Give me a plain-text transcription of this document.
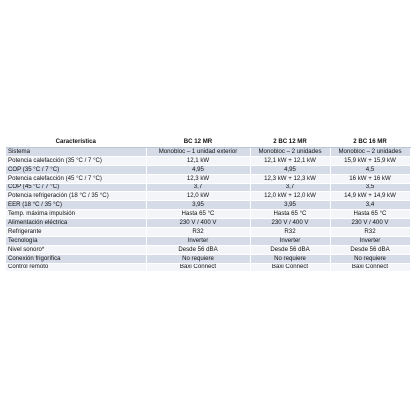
Característica	BC 12 MR	2 BC 12 MR	2 BC 16 MR
Sistema	Monobloc – 1 unidad exterior	Monobloc – 2 unidades	Monobloc – 2 unidades
Potencia calefacción (35 °C / 7 °C)	12,1 kW	12,1 kW + 12,1 kW	15,9 kW + 15,9 kW
COP (35 °C / 7 °C)	4,95	4,95	4,5
Potencia calefacción (45 °C / 7 °C)	12,3 kW	12,3 kW + 12,3 kW	16 kW + 16 kW
COP (45 °C / 7 °C)	3,7	3,7	3,5
Potencia refrigeración (18 °C / 35 °C)	12,0 kW	12,0 kW + 12,0 kW	14,9 kW + 14,9 kW
EER (18 °C / 35 °C)	3,95	3,95	3,4
Temp. máxima impulsión	Hasta 65 °C	Hasta 65 °C	Hasta 65 °C
Alimentación eléctrica	230 V / 400 V	230 V / 400 V	230 V / 400 V
Refrigerante	R32	R32	R32
Tecnología	Inverter	Inverter	Inverter
Nivel sonoro*	Desde 56 dBA	Desde 56 dBA	Desde 56 dBA
Conexión frigorífica	No requiere	No requiere	No requiere
Control remoto	Baxi Connect	Baxi Connect	Baxi Connect
